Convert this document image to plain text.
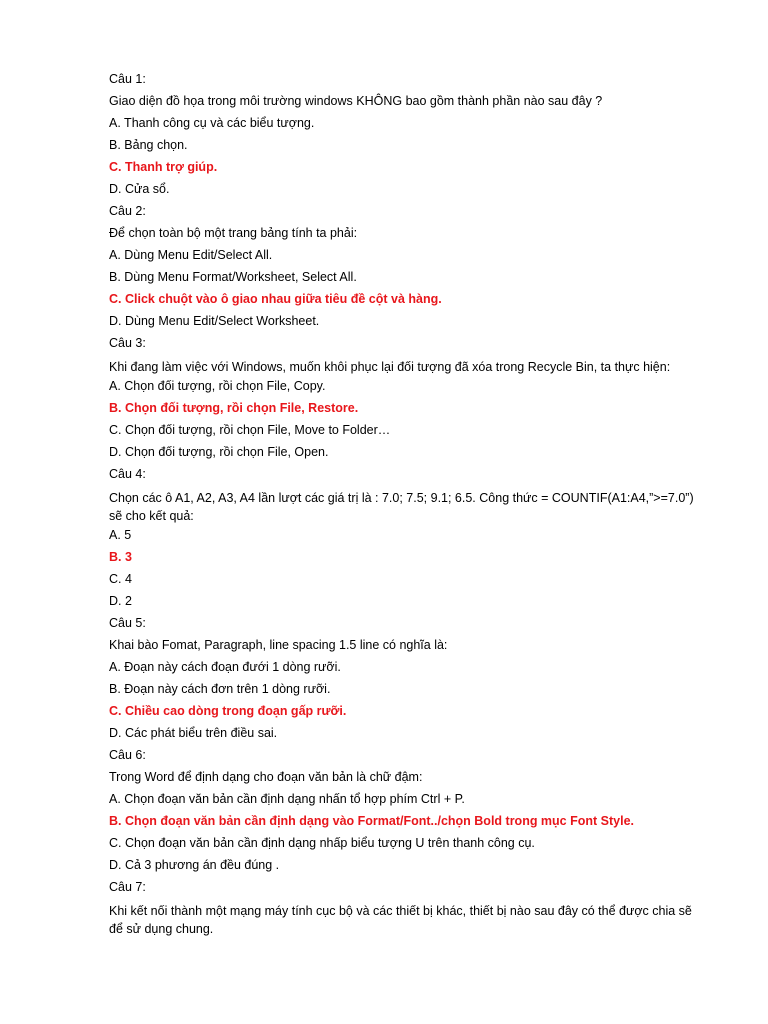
Câu 1:

Giao diện đồ họa trong môi trường windows KHÔNG bao gồm thành phần nào sau đây ?

A. Thanh công cụ và các biểu tượng.

B. Bảng chọn.

C. Thanh trợ giúp.

D. Cửa sổ.

Câu 2:

Để chọn toàn bộ một trang bảng tính ta phải:

A. Dùng Menu Edit/Select All.

B. Dùng Menu Format/Worksheet, Select All.

C. Click chuột vào ô giao nhau giữa tiêu đề cột và hàng.

D. Dùng Menu Edit/Select Worksheet.

Câu 3:

Khi đang làm việc với Windows, muốn khôi phục lại đối tượng đã xóa trong Recycle Bin, ta thực hiện:

A. Chọn đối tượng, rồi chọn File, Copy.

B. Chọn đối tượng, rồi chọn File, Restore.

C. Chọn đối tượng, rồi chọn File, Move to Folder…

D. Chọn đối tượng, rồi chọn File, Open.

Câu 4:

Chọn các ô A1, A2, A3, A4 lần lượt các giá trị là : 7.0; 7.5; 9.1; 6.5. Công thức = COUNTIF(A1:A4,”>=7.0”) sẽ cho kết quả:

A. 5

B. 3

C. 4

D. 2

Câu 5:

Khai bào Fomat, Paragraph, line spacing 1.5 line có nghĩa là:

A. Đoạn này cách đoạn đưới 1 dòng rưỡi.

B. Đoạn này cách đơn trên 1 dòng rưỡi.

C. Chiều cao dòng trong đoạn gấp rưỡi.

D. Các phát biểu trên điều sai.

Câu 6:

Trong Word để định dạng cho đoạn văn bản là chữ đậm:

A. Chọn đoạn văn bản cần định dạng nhấn tổ hợp phím Ctrl + P.

B. Chọn đoạn văn bản cần định dạng vào Format/Font../chọn Bold trong mục Font Style.

C. Chọn đoạn văn bản cần định dạng nhấp biểu tượng U trên thanh công cụ.

D. Cả 3 phương án đều đúng .

Câu 7:

Khi kết nối thành một mạng máy tính cục bộ và các thiết bị khác, thiết bị nào sau đây có thể được chia sẽ để sử dụng chung.
